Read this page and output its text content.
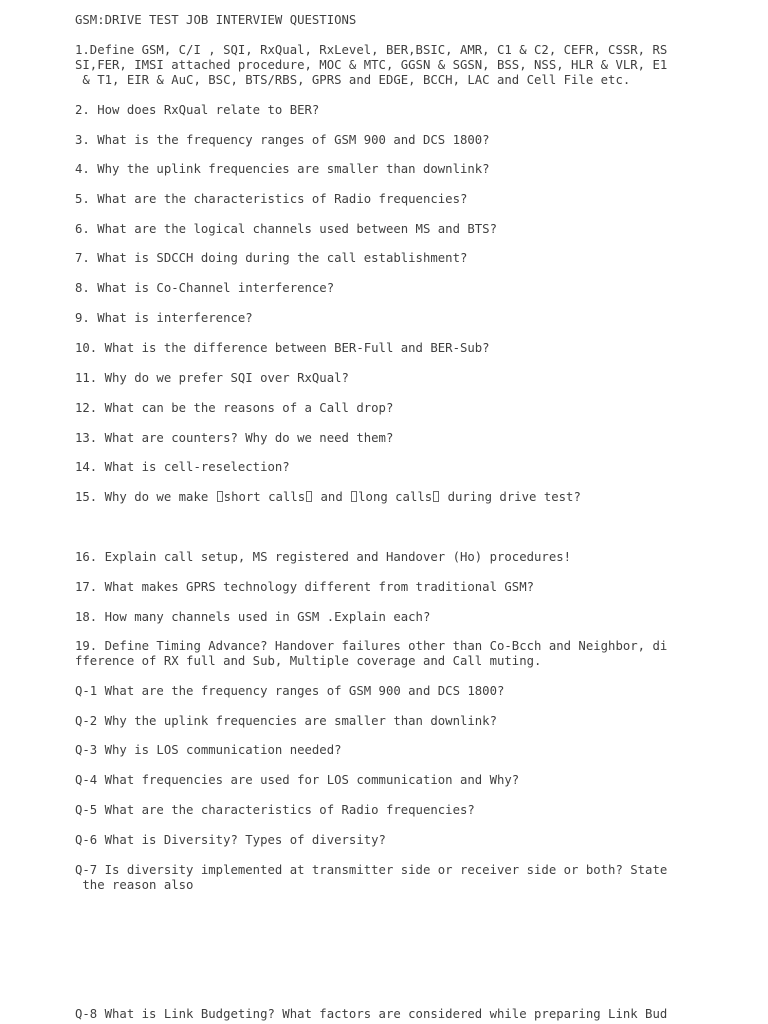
GSM:DRIVE TEST JOB INTERVIEW QUESTIONS

1.Define GSM, C/I , SQI, RxQual, RxLevel, BER,BSIC, AMR, C1 & C2, CEFR, CSSR, RS

SI,FER, IMSI attached procedure, MOC & MTC, GGSN & SGSN, BSS, NSS, HLR & VLR, E1

& T1, EIR & AuC, BSC, BTS/RBS, GPRS and EDGE, BCCH, LAC and Cell File etc.

2. How does RxQual relate to BER?

3. What is the frequency ranges of GSM 900 and DCS 1800?

4. Why the uplink frequencies are smaller than downlink?

5. What are the characteristics of Radio frequencies?

6. What are the logical channels used between MS and BTS?

7. What is SDCCH doing during the call establishment?

8. What is Co-Channel interference?

9. What is interference?

10. What is the difference between BER-Full and BER-Sub?

11. Why do we prefer SQI over RxQual?

12. What can be the reasons of a Call drop?

13. What are counters? Why do we need them?

14. What is cell-reselection?

15. Why do we make short calls and long calls during drive test?

16. Explain call setup, MS registered and Handover (Ho) procedures!

17. What makes GPRS technology different from traditional GSM?

18. How many channels used in GSM .Explain each?

19. Define Timing Advance? Handover failures other than Co-Bcch and Neighbor, di

fference of RX full and Sub, Multiple coverage and Call muting.

Q-1 What are the frequency ranges of GSM 900 and DCS 1800?

Q-2 Why the uplink frequencies are smaller than downlink?

Q-3 Why is LOS communication needed?

Q-4 What frequencies are used for LOS communication and Why?

Q-5 What are the characteristics of Radio frequencies?

Q-6 What is Diversity? Types of diversity?

Q-7 Is diversity implemented at transmitter side or receiver side or both? State

the reason also

Q-8 What is Link Budgeting? What factors are considered while preparing Link Bud
